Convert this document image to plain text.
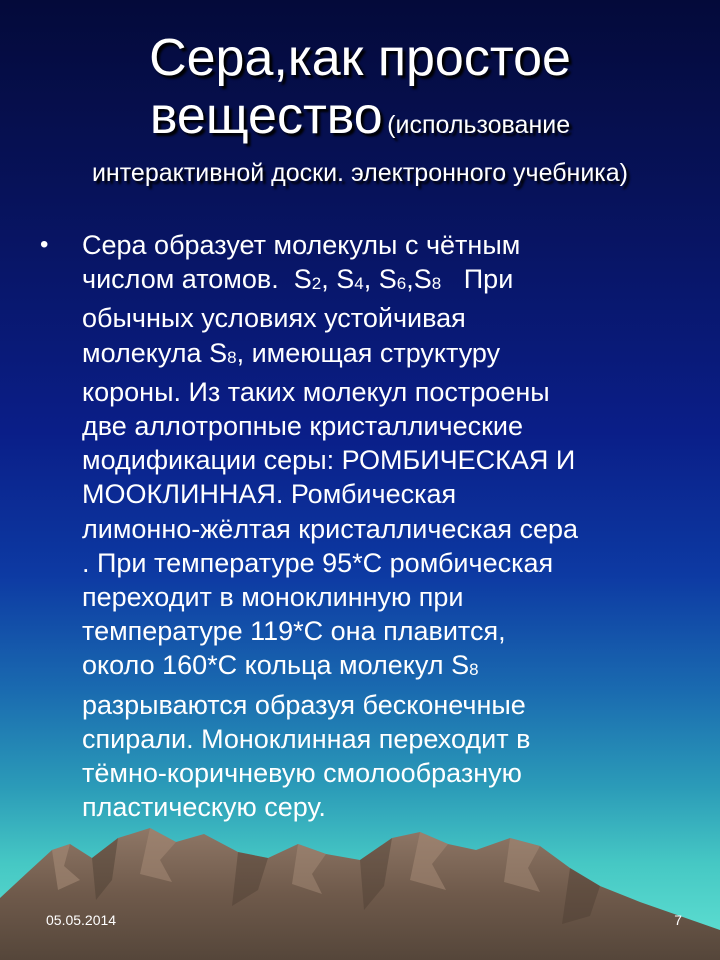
Сера,как простое
вещество (использование
интерактивной доски. электронного учебника)
•	Сера образует молекулы с чётным
числом атомов. $S_2$, $S_4$, $S_6,S_8$ При
обычных условиях устойчивая
молекула $S_8$, имеющая структуру
короны. Из таких молекул построены
две аллотропные кристаллические
модификации серы: РОМБИЧЕСКАЯ И
МООКЛИННАЯ. Ромбическая
лимонно-жёлтая кристаллическая сера
. При температуре 95*С ромбическая
переходит в моноклинную при
температуре 119*С она плавится,
около 160*С кольца молекул $S_8$
разрываются образуя бесконечные
спирали. Моноклинная переходит в
тёмно-коричневую смолообразную
пластическую серу.
05.05.2014	7
